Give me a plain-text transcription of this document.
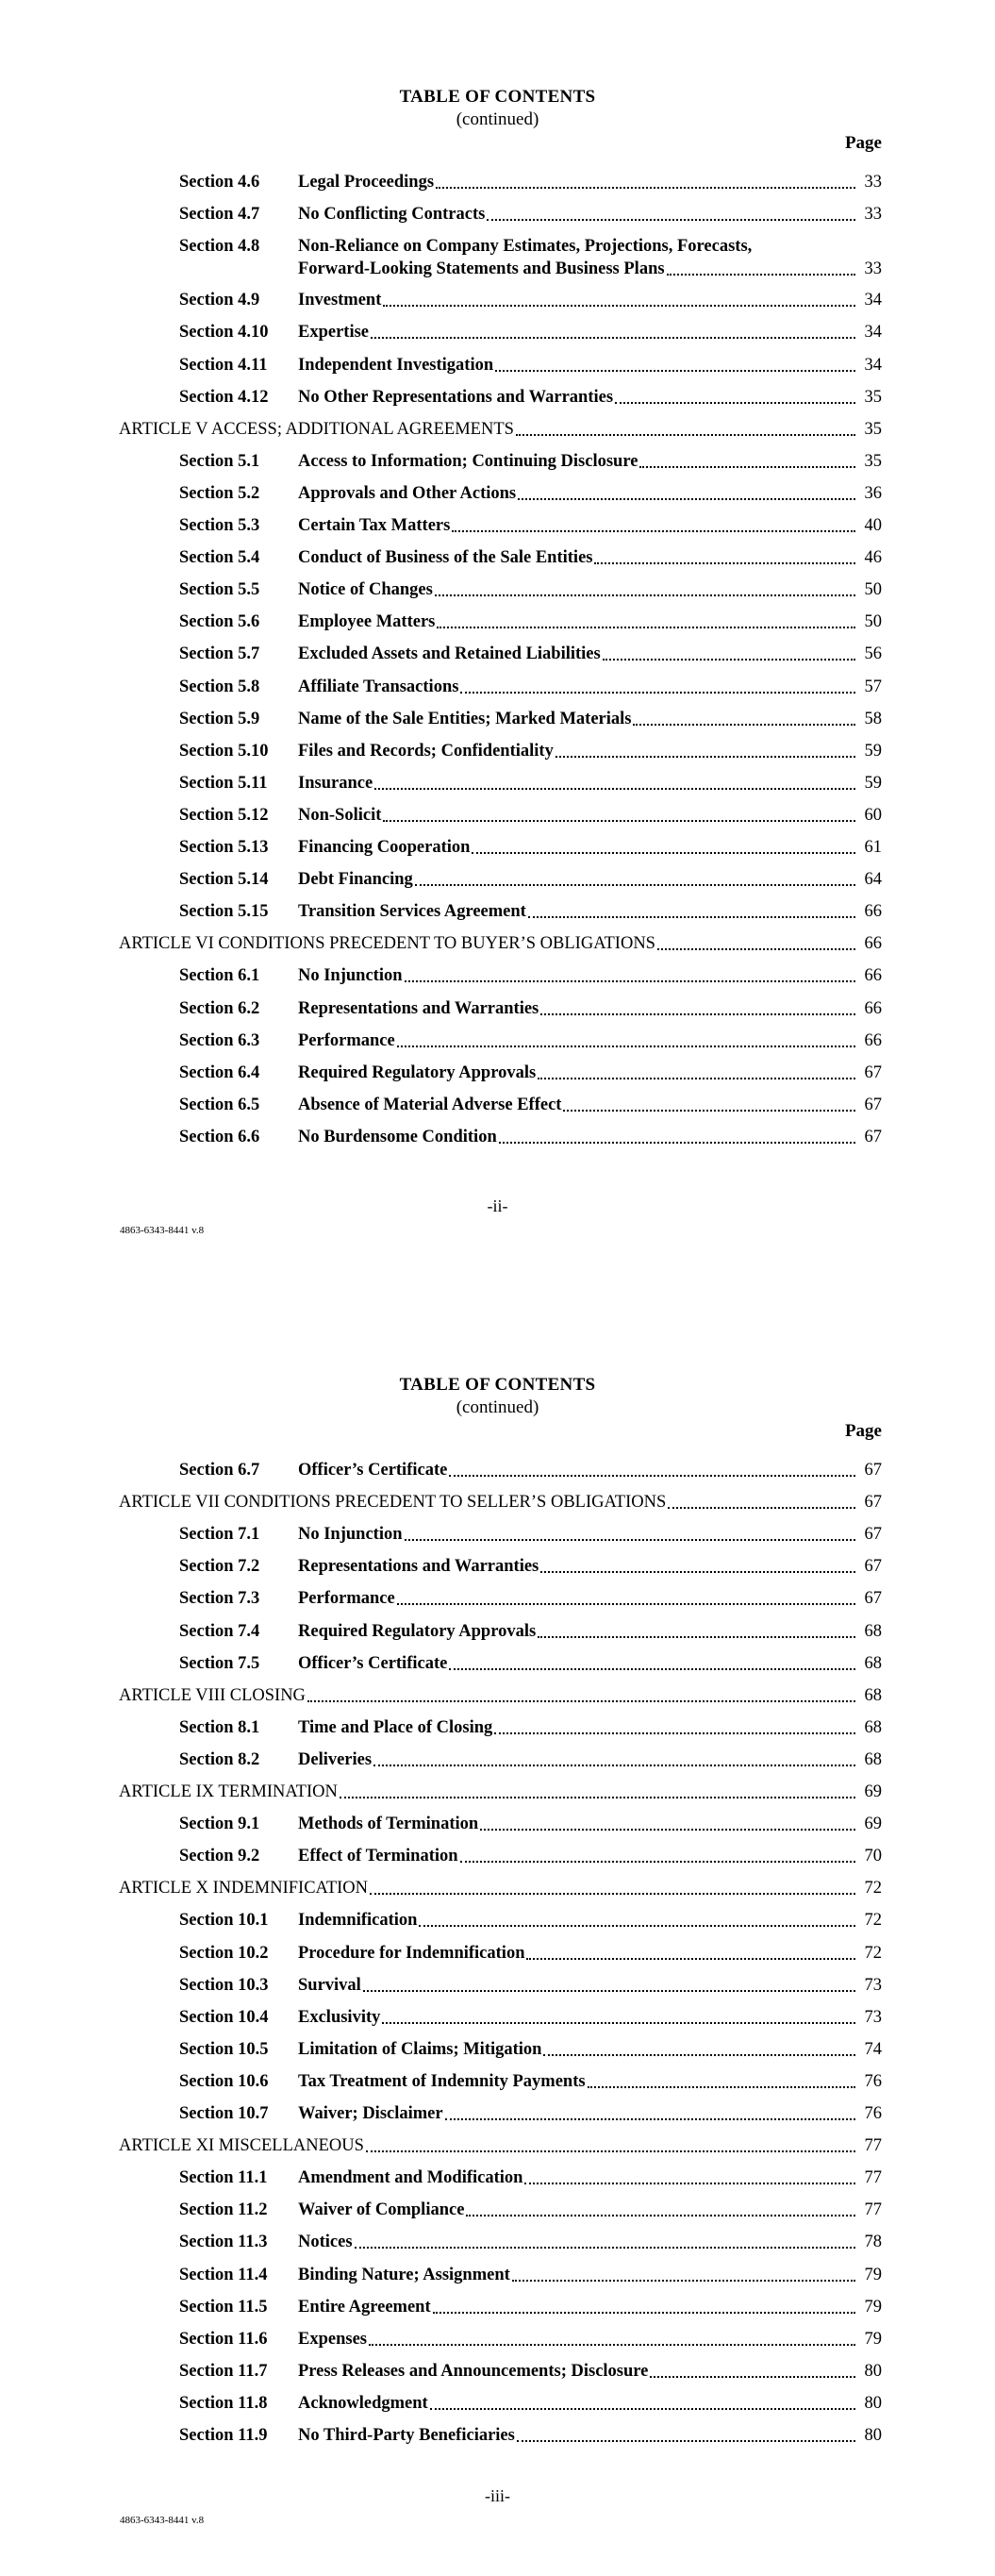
TABLE OF CONTENTS
(continued)
Page
Section 4.6	Legal Proceedings	33
Section 4.7	No Conflicting Contracts	33
Section 4.8	Non-Reliance on Company Estimates, Projections, Forecasts,
Forward-Looking Statements and Business Plans	33
Section 4.9	Investment	34
Section 4.10	Expertise	34
Section 4.11	Independent Investigation	34
Section 4.12	No Other Representations and Warranties	35
ARTICLE V ACCESS; ADDITIONAL AGREEMENTS	35
Section 5.1	Access to Information; Continuing Disclosure	35
Section 5.2	Approvals and Other Actions	36
Section 5.3	Certain Tax Matters	40
Section 5.4	Conduct of Business of the Sale Entities	46
Section 5.5	Notice of Changes	50
Section 5.6	Employee Matters	50
Section 5.7	Excluded Assets and Retained Liabilities	56
Section 5.8	Affiliate Transactions	57
Section 5.9	Name of the Sale Entities; Marked Materials	58
Section 5.10	Files and Records; Confidentiality	59
Section 5.11	Insurance	59
Section 5.12	Non-Solicit	60
Section 5.13	Financing Cooperation	61
Section 5.14	Debt Financing	64
Section 5.15	Transition Services Agreement	66
ARTICLE VI CONDITIONS PRECEDENT TO BUYER’S OBLIGATIONS	66
Section 6.1	No Injunction	66
Section 6.2	Representations and Warranties	66
Section 6.3	Performance	66
Section 6.4	Required Regulatory Approvals	67
Section 6.5	Absence of Material Adverse Effect	67
Section 6.6	No Burdensome Condition	67
-ii-
4863-6343-8441 v.8
TABLE OF CONTENTS
(continued)
Page
Section 6.7	Officer’s Certificate	67
ARTICLE VII CONDITIONS PRECEDENT TO SELLER’S OBLIGATIONS	67
Section 7.1	No Injunction	67
Section 7.2	Representations and Warranties	67
Section 7.3	Performance	67
Section 7.4	Required Regulatory Approvals	68
Section 7.5	Officer’s Certificate	68
ARTICLE VIII CLOSING	68
Section 8.1	Time and Place of Closing	68
Section 8.2	Deliveries	68
ARTICLE IX TERMINATION	69
Section 9.1	Methods of Termination	69
Section 9.2	Effect of Termination	70
ARTICLE X INDEMNIFICATION	72
Section 10.1	Indemnification	72
Section 10.2	Procedure for Indemnification	72
Section 10.3	Survival	73
Section 10.4	Exclusivity	73
Section 10.5	Limitation of Claims; Mitigation	74
Section 10.6	Tax Treatment of Indemnity Payments	76
Section 10.7	Waiver; Disclaimer	76
ARTICLE XI MISCELLANEOUS	77
Section 11.1	Amendment and Modification	77
Section 11.2	Waiver of Compliance	77
Section 11.3	Notices	78
Section 11.4	Binding Nature; Assignment	79
Section 11.5	Entire Agreement	79
Section 11.6	Expenses	79
Section 11.7	Press Releases and Announcements; Disclosure	80
Section 11.8	Acknowledgment	80
Section 11.9	No Third-Party Beneficiaries	80
-iii-
4863-6343-8441 v.8
